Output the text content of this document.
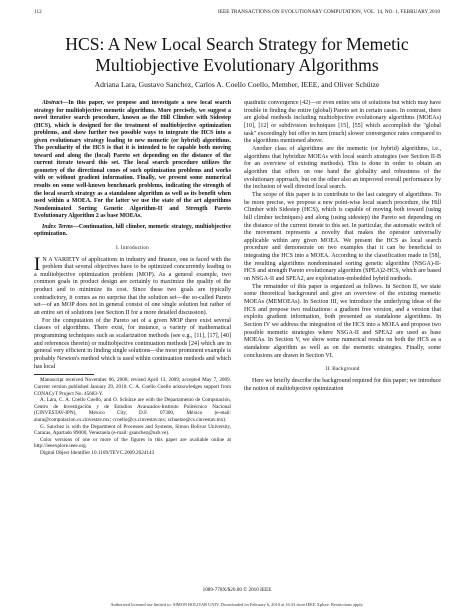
112	IEEE TRANSACTIONS ON EVOLUTIONARY COMPUTATION, VOL. 14, NO. 1, FEBRUARY 2010
HCS: A New Local Search Strategy for Memetic Multiobjective Evolutionary Algorithms
Adriana Lara, Gustavo Sanchez, Carlos A. Coello Coello, Member, IEEE, and Oliver Schütze

Abstract—In this paper, we propose and investigate a new local search strategy for multiobjective memetic algorithms. More precisely, we suggest a novel iterative search procedure, known as the Hill Climber with Sidestep (HCS), which is designed for the treatment of multiobjective optimization problems, and show further two possible ways to integrate the HCS into a given evolutionary strategy leading to new memetic (or hybrid) algorithms. The peculiarity of the HCS is that it is intended to be capable both moving toward and along the (local) Pareto set depending on the distance of the current iterate toward this set. The local search procedure utilizes the geometry of the directional cones of such optimization problems and works with or without gradient information. Finally, we present some numerical results on some well-known benchmark problems, indicating the strength of the local search strategy as a standalone algorithm as well as its benefit when used within a MOEA. For the latter we use the state of the art algorithms Nondominated Sorting Genetic Algorithm-II and Strength Pareto Evolutionary Algorithm 2 as base MOEAs.

Index Terms—Continuation, hill climber, memetic strategy, multiobjective optimization.

I. Introduction

I N A VARIETY of applications in industry and finance, one is faced with the problem that several objectives have to be optimized concurrently leading to a multiobjective optimization problem (MOP). As a general example, two common goals in product design are certainly to maximize the quality of the product and to minimize its cost. Since these two goals are typically contradictory, it comes as no surprise that the solution set—the so-called Pareto set—of an MOP does not in general consist of one single solution but rather of an entire set of solutions (see Section II for a more detailed discussion).

For the computation of the Pareto set of a given MOP there exist several classes of algorithms. There exist, for instance, a variety of mathematical programming techniques such as scalarization methods (see e.g., [11], [17], [40] and references therein) or multiobjective continuation methods [24] which are in general very efficient in finding single solutions—the most prominent example is probably Newton's method which is used within continuation methods and which has local

Manuscript received November 06, 2008; revised April 13, 2009; accepted May 7, 2009. Current version published January 29, 2010. C. A. Coello Coello acknowledges support from CONACyT Project No. 45683-Y.

A. Lara, C. A. Coello Coello, and O. Schütze are with the Departamento de Computación, Centro de Investigación y de Estudios Avanzados-Instituto Politécnico Nacional (CINVESTAV-IPN), México City, D.F. 07300, México (e-mail: alara@computacion.cs.cinvestav.mx; ccoello@cs.cinvestav.mx; schuetze@cs.cinvestav.mx).

G. Sanchez is with the Department of Processes and Systems, Simon Bolivar University, Caracas, Apartado 89000, Venezuela (e-mail: gsanchez@usb.ve).

Color versions of one or more of the figures in this paper are available online at http://ieeexplore.ieee.org.

Digital Object Identifier 10.1109/TEVC.2009.2024143

quadratic convergence [42]—or even entire sets of solutions but which may have trouble in finding the entire (global) Pareto set in certain cases. In contrast, there are global methods including multiobjective evolutionary algorithms (MOEAs) [10], [12] or subdivision techniques [15], [55] which accomplish the "global task" exceedingly but offer in turn (much) slower convergence rates compared to the algorithms mentioned above.

Another class of algorithms are the memetic (or hybrid) algorithms, i.e., algorithms that hybridize MOEAs with local search strategies (see Section II-B for an overview of existing methods). This is done in order to obtain an algorithm that offers on one hand the globality and robustness of the evolutionary approach, but on the other also an improved overall performance by the inclusion of well directed local search.

The scope of this paper is to contribute to the last category of algorithms. To be more precise, we propose a new point-wise local search procedure, the Hill Climber with Sidestep (HCS), which is capable of moving both toward (using hill climber techniques) and along (using sidestep) the Pareto set depending on the distance of the current iterate to this set. In particular, the automatic switch of the movement represents a novelty that makes the operator universally applicable within any given MOEA. We present the HCS as local search procedure and demonstrate on two examples that it can be beneficial to integrating the HCS into a MOEA. According to the classification made in [58], the resulting algorithms nondominated sorting genetic algorithm (NSGA)-II-HCS and strength Pareto evolutionary algorithm (SPEA)2-HCS, which are based on NSGA-II and SPEA2, are exploitation-embedded hybrid methods.

The remainder of this paper is organized as follows. In Section II, we state some theoretical background and give an overview of the existing memetic MOEAs (MEMOEAs). In Section III, we introduce the underlying ideas of the HCS and propose two realizations: a gradient free version, and a version that exploits gradient information, both presented as standalone algorithms. In Section IV we address the integration of the HCS into a MOEA and propose two possible memetic strategies where NSGA-II and SPEA2 are used as base MOEAs. In Section V, we show some numerical results on both the HCS as a standalone algorithm as well as on the memetic strategies. Finally, some conclusions are drawn in Section VI.

II. Background

Here we briefly describe the background required for this paper; we introduce the notion of multiobjective optimization

1089-778X/$26.00 © 2010 IEEE
Authorized licensed use limited to: SIMON BOLIVAR UNIV. Downloaded on February 6, 2010 at 16:33 from IEEE Xplore. Restrictions apply.
